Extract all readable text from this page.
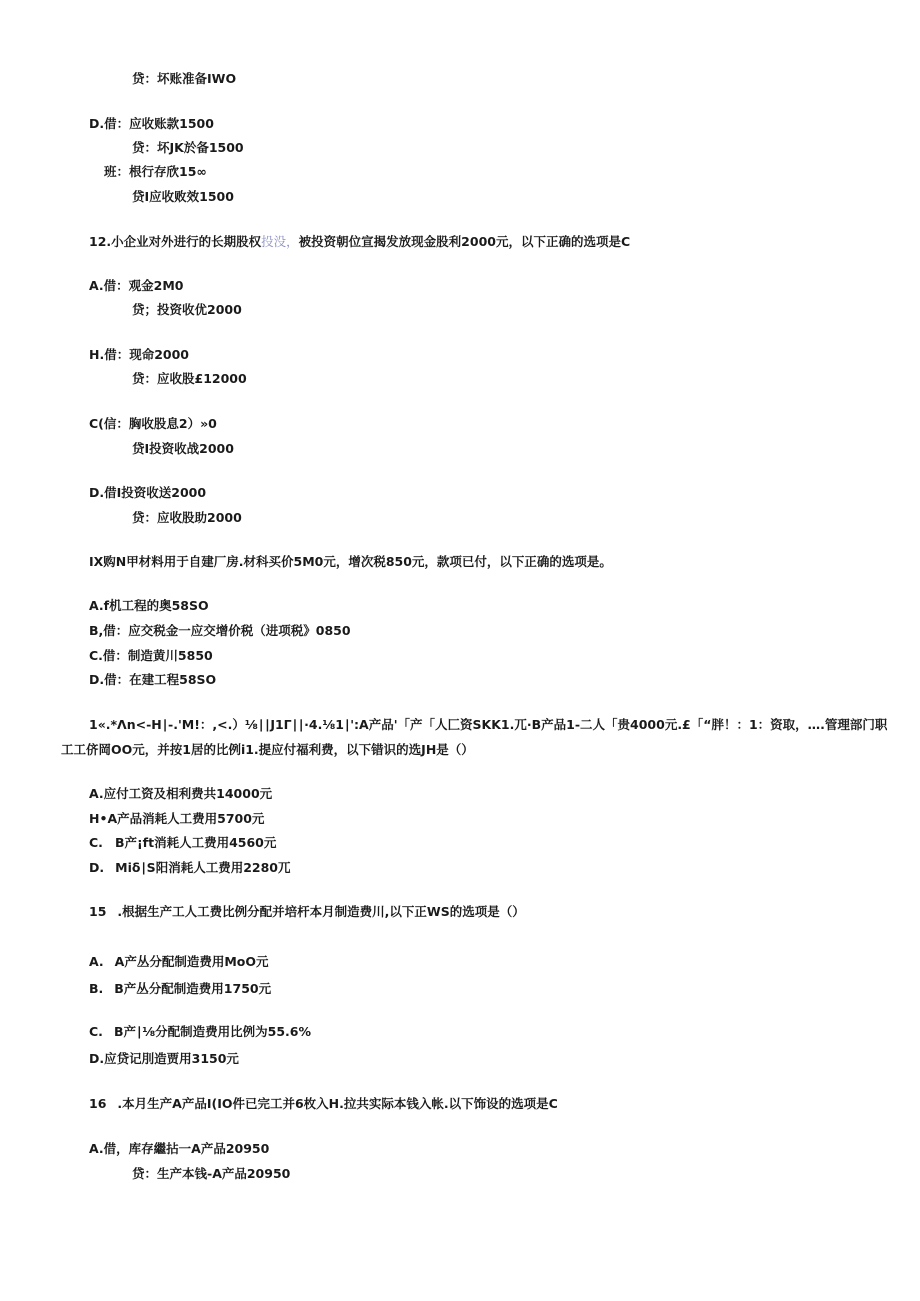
贷：坏账准备IWO
D.借：应收账款1500
贷：坏JK於备1500
班：根行存欣15∞
贷I应收败效1500
12.小企业对外进行的长期股权投没，被投资朝位宣揭发放现金股利2000元，以下正确的选项是C
A.借：观金2M0
贷；投资收优2000
H.借：现命2000
贷：应收股£12000
C(信：胸收股息2）»0
贷I投资收战2000
D.借I投资收送2000
贷：应收股助2000
IX购N甲材料用于自建厂房.材科买价5M0元，增次税850元，款项已付，以下正确的选项是。
A.f机工程的奥58SO
B,借：应交税金一应交增价税（进项税》0850
C.借：制造黄川5850
D.借：在建工程58SO
1«.*Λn<-H∣-.'M!：,<.）⅛∣∣J1Γ∣∣·4.⅛1∣':A产品'「产「人匚资SKK1.兀·B产品1-二人「贵4000元.£「“胖！：1：资取，….管理部门职
工工侪岡OO元，并按1居的比例i1.提应付福利费，以下错识的选JH是（）
A.应付工资及相利费共14000元
H•A产品消耗人工费用5700元
C. B产¡ft消耗人工费用4560元
D. Miδ∣S阳消耗人工费用2280兀
15 .根据生产工人工费比例分配并培杆本月制造费川,以下正WS的选项是（）
A. A产丛分配制造费用MoO元
B. B产丛分配制造费用1750元
C. B产∣⅛分配制造费用比例为55.6%
D.应贷记刖造贾用3150元
16 .本月生产A产品I(IO件已完工并6枚入H.拉共实际本钱入帐.以下饰设的选项是C
A.借，库存繼拈一A产品20950
贷：生产本钱-A产品20950
